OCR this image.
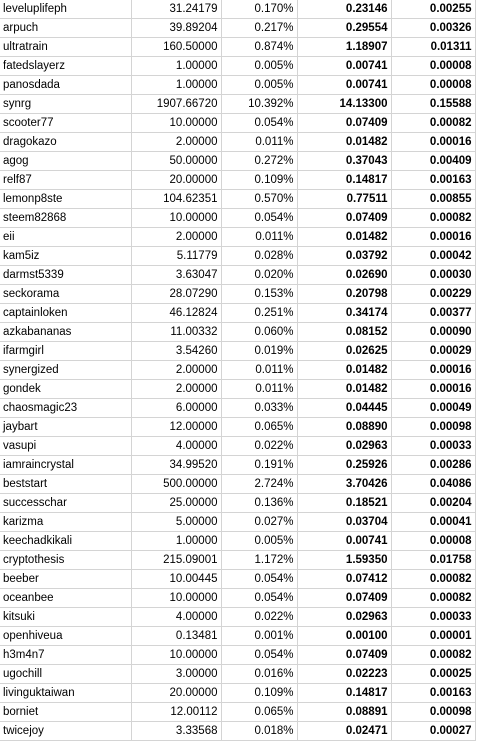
leveluplifeph	31.24179	0.170%	0.23146	0.00255
arpuch	39.89204	0.217%	0.29554	0.00326
ultratrain	160.50000	0.874%	1.18907	0.01311
fatedslayerz	1.00000	0.005%	0.00741	0.00008
panosdada	1.00000	0.005%	0.00741	0.00008
synrg	1907.66720	10.392%	14.13300	0.15588
scooter77	10.00000	0.054%	0.07409	0.00082
dragokazo	2.00000	0.011%	0.01482	0.00016
agog	50.00000	0.272%	0.37043	0.00409
relf87	20.00000	0.109%	0.14817	0.00163
lemonp8ste	104.62351	0.570%	0.77511	0.00855
steem82868	10.00000	0.054%	0.07409	0.00082
eii	2.00000	0.011%	0.01482	0.00016
kam5iz	5.11779	0.028%	0.03792	0.00042
darmst5339	3.63047	0.020%	0.02690	0.00030
seckorama	28.07290	0.153%	0.20798	0.00229
captainloken	46.12824	0.251%	0.34174	0.00377
azkabananas	11.00332	0.060%	0.08152	0.00090
ifarmgirl	3.54260	0.019%	0.02625	0.00029
synergized	2.00000	0.011%	0.01482	0.00016
gondek	2.00000	0.011%	0.01482	0.00016
chaosmagic23	6.00000	0.033%	0.04445	0.00049
jaybart	12.00000	0.065%	0.08890	0.00098
vasupi	4.00000	0.022%	0.02963	0.00033
iamraincrystal	34.99520	0.191%	0.25926	0.00286
beststart	500.00000	2.724%	3.70426	0.04086
successchar	25.00000	0.136%	0.18521	0.00204
karizma	5.00000	0.027%	0.03704	0.00041
keechadkikali	1.00000	0.005%	0.00741	0.00008
cryptothesis	215.09001	1.172%	1.59350	0.01758
beeber	10.00445	0.054%	0.07412	0.00082
oceanbee	10.00000	0.054%	0.07409	0.00082
kitsuki	4.00000	0.022%	0.02963	0.00033
openhiveua	0.13481	0.001%	0.00100	0.00001
h3m4n7	10.00000	0.054%	0.07409	0.00082
ugochill	3.00000	0.016%	0.02223	0.00025
livinguktaiwan	20.00000	0.109%	0.14817	0.00163
borniet	12.00112	0.065%	0.08891	0.00098
twicejoy	3.33568	0.018%	0.02471	0.00027
